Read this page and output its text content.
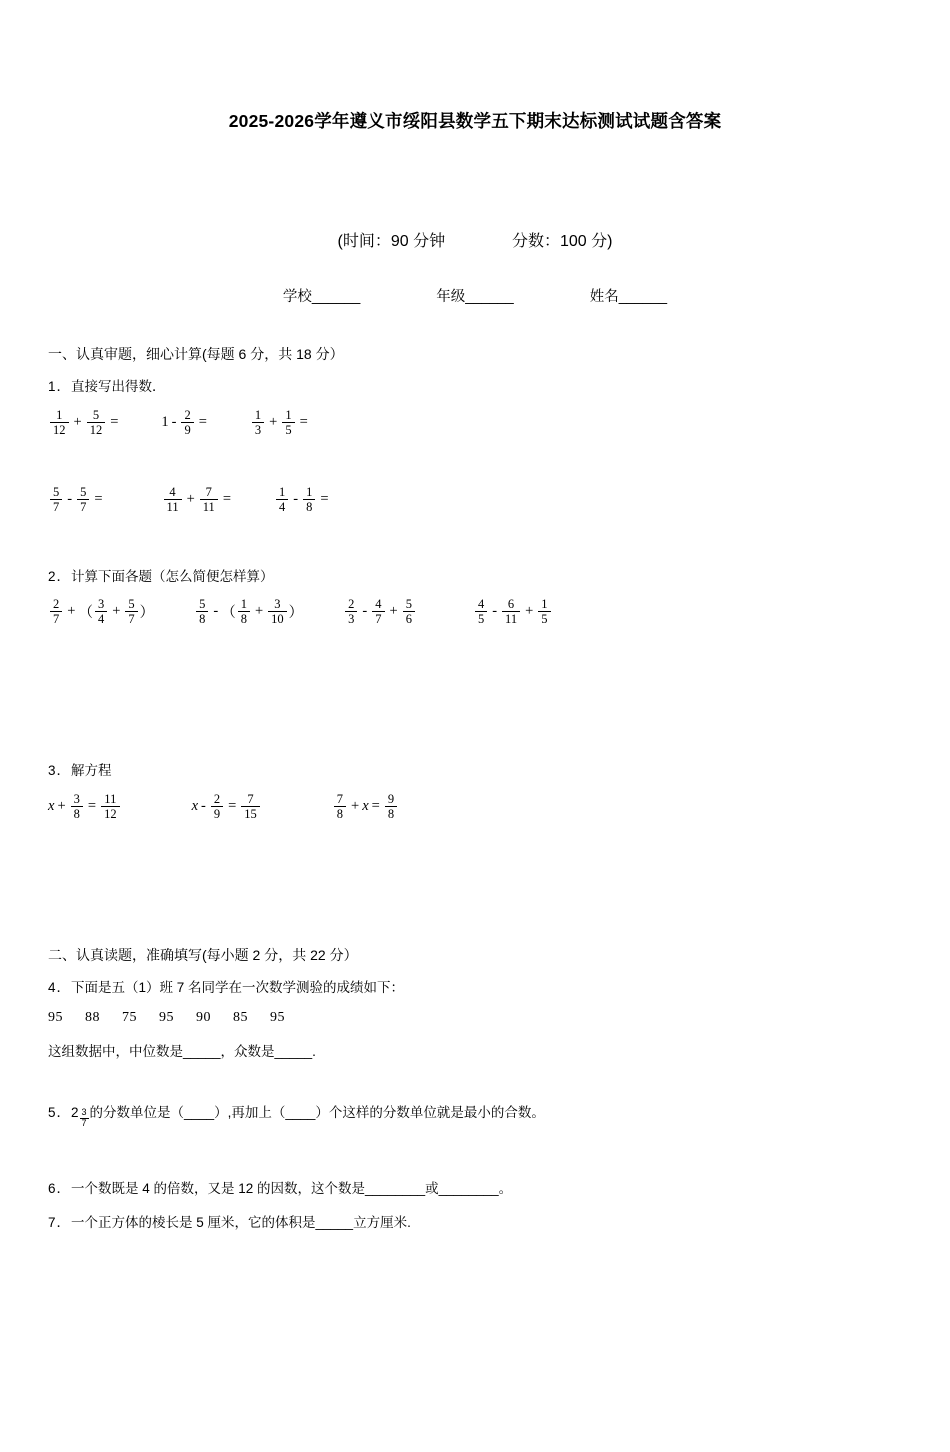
2025-2026学年遵义市绥阳县数学五下期末达标测试试题含答案
(时间：90 分钟	分数：100 分)
学校______	年级______	姓名______
一、认真审题，细心计算(每题 6 分，共 18 分）
1．直接写出得数．
$\frac{1}{12} + \frac{5}{12}$ =	$1 - \frac{2}{9}$ =	$\frac{1}{3} + \frac{1}{5}$ =
$\frac{5}{7} - \frac{5}{7}$ =	$\frac{4}{11} + \frac{7}{11}$ =	$\frac{1}{4} - \frac{1}{8}$ =
2．计算下面各题（怎么简便怎样算）
$\frac{2}{7}$ + （ $\frac{3}{4} + \frac{5}{7}$ ）	$\frac{5}{8}$ - （ $\frac{1}{8} + \frac{3}{10}$ ）	$\frac{2}{3} - \frac{4}{7} + \frac{5}{6}$	$\frac{4}{5} - \frac{6}{11} + \frac{1}{5}$
3．解方程
$x + \frac{3}{8} = \frac{11}{12}$	$x - \frac{2}{9} = \frac{7}{15}$	$\frac{7}{8} + x = \frac{9}{8}$
二、认真读题，准确填写(每小题 2 分，共 22 分）
4．下面是五（1）班 7 名同学在一次数学测验的成绩如下：
95 88 75 95 90 85 95
这组数据中，中位数是_____，众数是_____.
5．$2 \frac{3}{7}$ 的分数单位是（____）,再加上（____）个这样的分数单位就是最小的合数。
6．一个数既是 4 的倍数，又是 12 的因数，这个数是________或________。
7．一个正方体的棱长是 5 厘米，它的体积是_____立方厘米.
